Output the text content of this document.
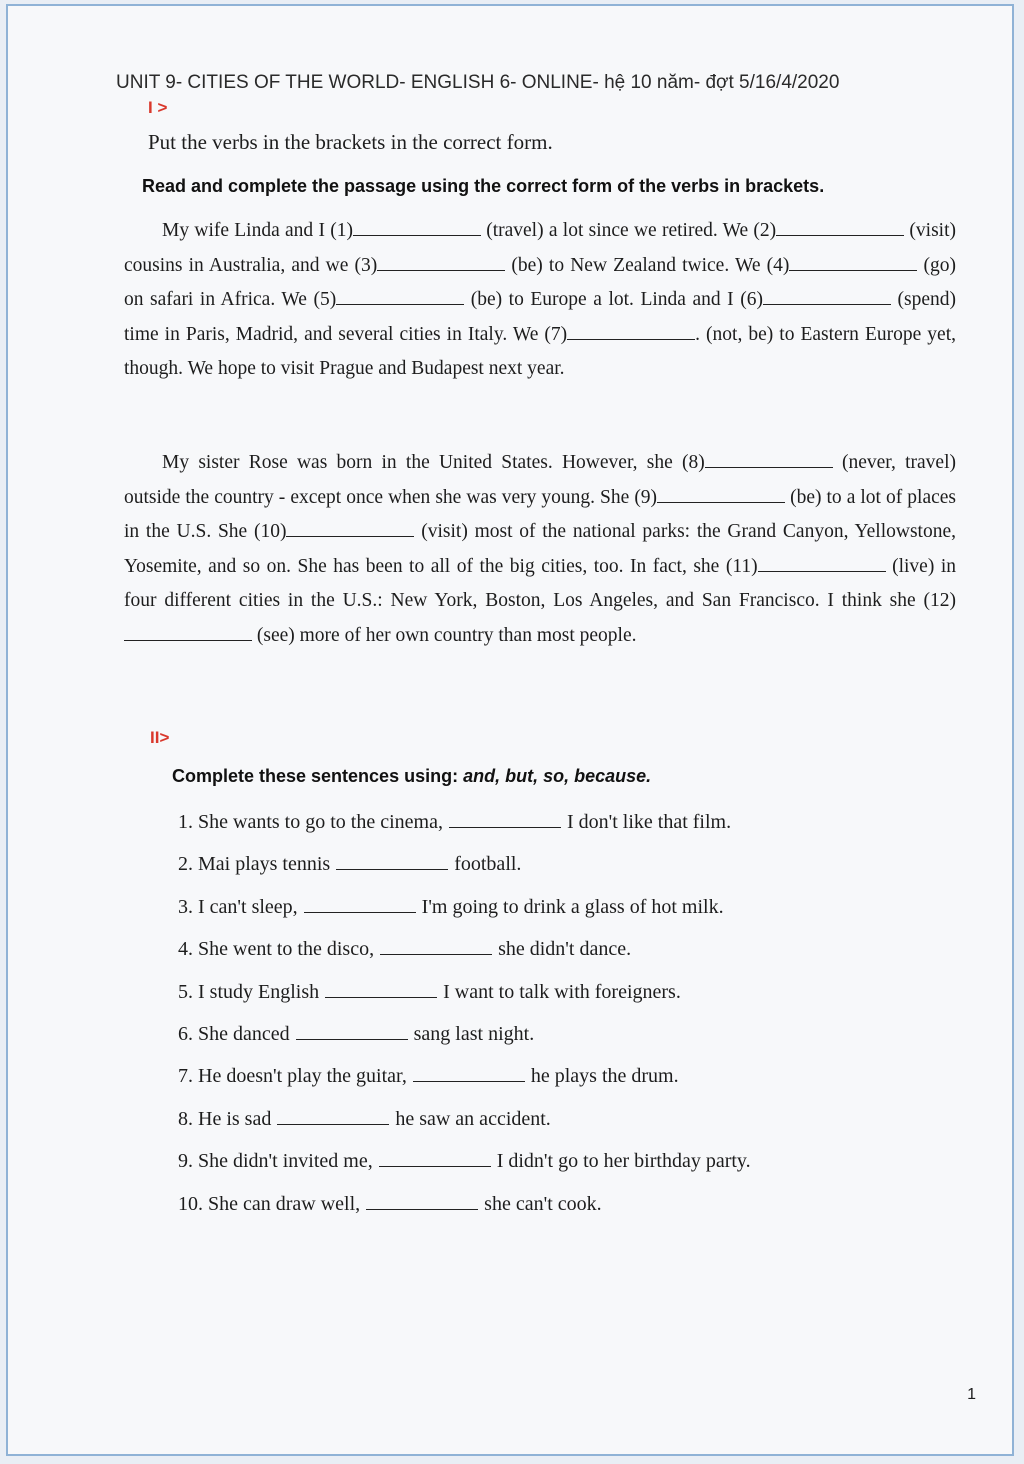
UNIT 9- CITIES OF THE WORLD- ENGLISH 6- ONLINE- hệ 10 năm- đợt 5/16/4/2020
I >
Put the verbs in the brackets in the correct form.
Read and complete the passage using the correct form of the verbs in brackets.
My wife Linda and I (1)	(travel) a lot since we retired. We (2)	(visit) cousins in Australia, and we (3)	(be) to New Zealand twice. We (4)	(go) on safari in Africa. We (5)	(be) to Europe a lot. Linda and I (6)	(spend) time in Paris, Madrid, and several cities in Italy. We (7)	. (not, be) to Eastern Europe yet, though. We hope to visit Prague and Budapest next year.
My sister Rose was born in the United States. However, she (8)	(never, travel) outside the country - except once when she was very young. She (9)	(be) to a lot of places in the U.S. She (10)	(visit) most of the national parks: the Grand Canyon, Yellowstone, Yosemite, and so on. She has been to all of the big cities, too. In fact, she (11)	(live) in four different cities in the U.S.: New York, Boston, Los Angeles, and San Francisco. I think she (12) (see) more of her own country than most people.
II>
Complete these sentences using: and, but, so, because.
1. She wants to go to the cinema,	I don't like that film.
2. Mai plays tennis	football.
3. I can't sleep,	I'm going to drink a glass of hot milk.
4. She went to the disco,	she didn't dance.
5. I study English	I want to talk with foreigners.
6. She danced	sang last night.
7. He doesn't play the guitar,	he plays the drum.
8. He is sad	he saw an accident.
9. She didn't invited me,	I didn't go to her birthday party.
10. She can draw well,	she can't cook.
1
